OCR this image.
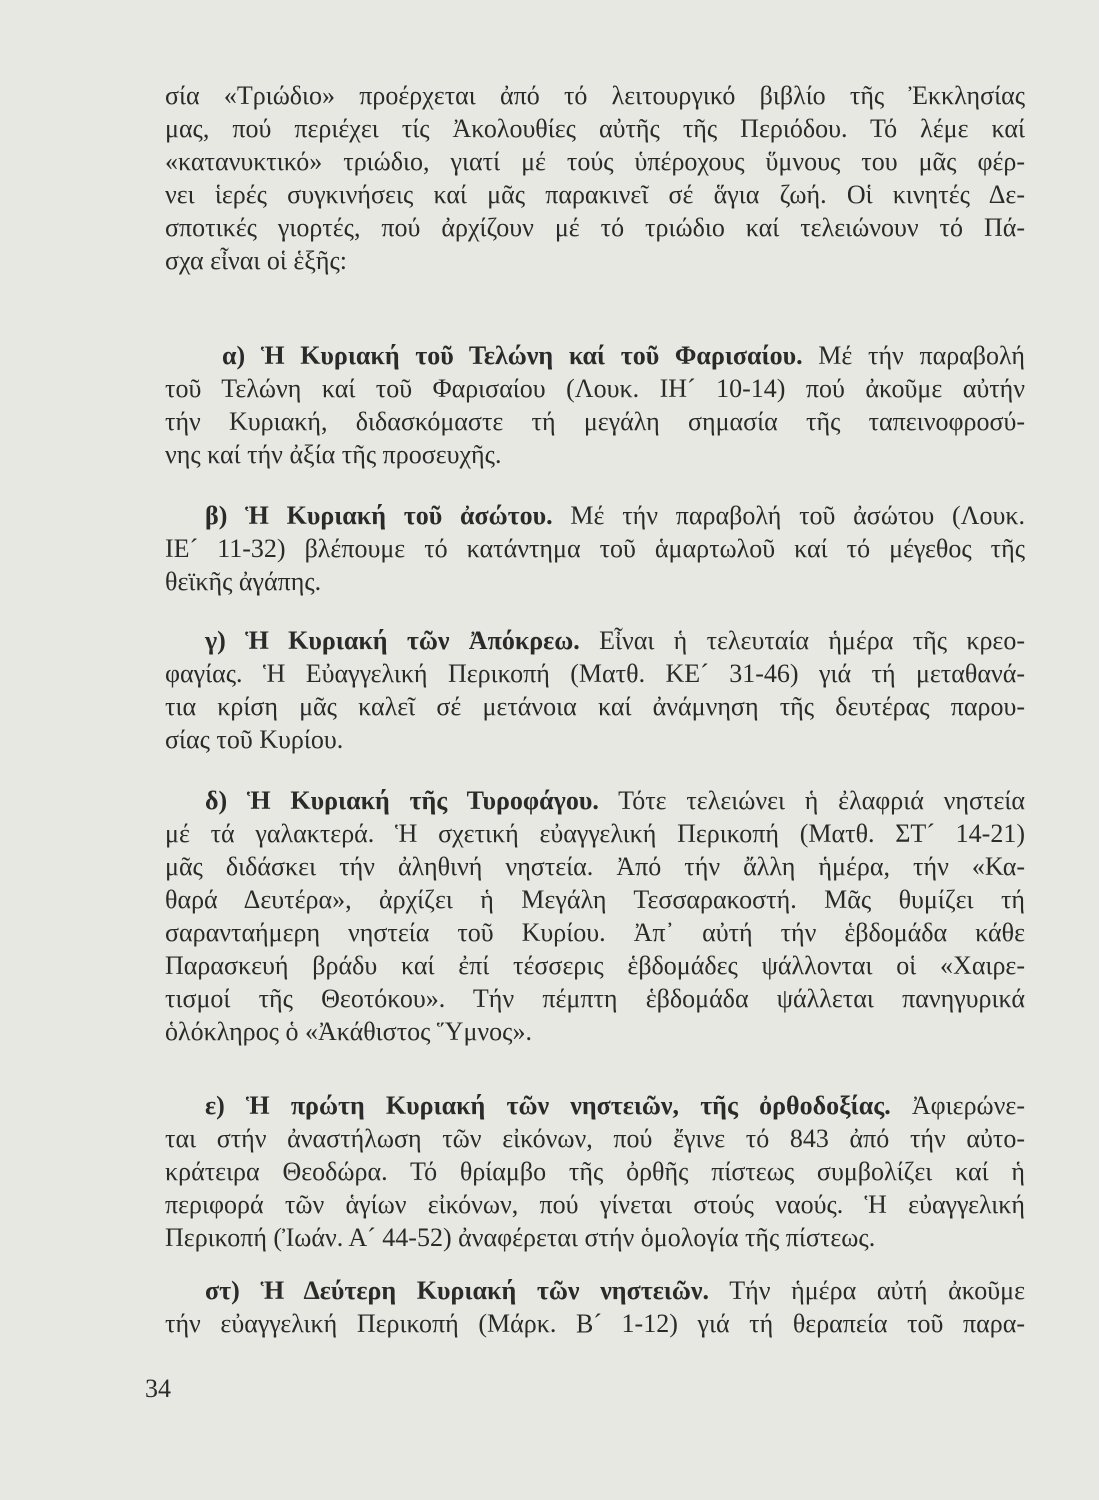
σία «Τριώδιο» προέρχεται ἀπό τό λειτουργικό βιβλίο τῆς Ἐκκλησίας
μας, πού περιέχει τίς Ἀκολουθίες αὐτῆς τῆς Περιόδου. Τό λέμε καί
«κατανυκτικό» τριώδιο, γιατί μέ τούς ὑπέροχους ὕμνους του μᾶς φέρ-
νει ἱερές συγκινήσεις καί μᾶς παρακινεῖ σέ ἅγια ζωή. Οἱ κινητές Δε-
σποτικές γιορτές, πού ἀρχίζουν μέ τό τριώδιο καί τελειώνουν τό Πά-
σχα εἶναι οἱ ἑξῆς:
α) Ἡ Κυριακή τοῦ Τελώνη καί τοῦ Φαρισαίου. Μέ τήν παραβολή
τοῦ Τελώνη καί τοῦ Φαρισαίου (Λουκ. ΙΗ´ 10-14) πού ἀκοῦμε αὐτήν
τήν Κυριακή, διδασκόμαστε τή μεγάλη σημασία τῆς ταπεινοφροσύ-
νης καί τήν ἀξία τῆς προσευχῆς.
β) Ἡ Κυριακή τοῦ ἀσώτου. Μέ τήν παραβολή τοῦ ἀσώτου (Λουκ.
ΙΕ´ 11-32) βλέπουμε τό κατάντημα τοῦ ἁμαρτωλοῦ καί τό μέγεθος τῆς
θεϊκῆς ἀγάπης.
γ) Ἡ Κυριακή τῶν Ἀπόκρεω. Εἶναι ἡ τελευταία ἡμέρα τῆς κρεο-
φαγίας. Ἡ Εὐαγγελική Περικοπή (Ματθ. ΚΕ´ 31-46) γιά τή μεταθανά-
τια κρίση μᾶς καλεῖ σέ μετάνοια καί ἀνάμνηση τῆς δευτέρας παρου-
σίας τοῦ Κυρίου.
δ) Ἡ Κυριακή τῆς Τυροφάγου. Τότε τελειώνει ἡ ἐλαφριά νηστεία
μέ τά γαλακτερά. Ἡ σχετική εὐαγγελική Περικοπή (Ματθ. ΣΤ´ 14-21)
μᾶς διδάσκει τήν ἀληθινή νηστεία. Ἀπό τήν ἄλλη ἡμέρα, τήν «Κα-
θαρά Δευτέρα», ἀρχίζει ἡ Μεγάλη Τεσσαρακοστή. Μᾶς θυμίζει τή
σαρανταήμερη νηστεία τοῦ Κυρίου. Ἀπ᾿ αὐτή τήν ἑβδομάδα κάθε
Παρασκευή βράδυ καί ἐπί τέσσερις ἑβδομάδες ψάλλονται οἱ «Χαιρε-
τισμοί τῆς Θεοτόκου». Τήν πέμπτη ἑβδομάδα ψάλλεται πανηγυρικά
ὁλόκληρος ὁ «Ἀκάθιστος Ὕμνος».
ε) Ἡ πρώτη Κυριακή τῶν νηστειῶν, τῆς ὀρθοδοξίας. Ἀφιερώνε-
ται στήν ἀναστήλωση τῶν εἰκόνων, πού ἔγινε τό 843 ἀπό τήν αὐτο-
κράτειρα Θεοδώρα. Τό θρίαμβο τῆς ὀρθῆς πίστεως συμβολίζει καί ἡ
περιφορά τῶν ἁγίων εἰκόνων, πού γίνεται στούς ναούς. Ἡ εὐαγγελική
Περικοπή (Ἰωάν. Α´ 44-52) ἀναφέρεται στήν ὁμολογία τῆς πίστεως.
στ) Ἡ Δεύτερη Κυριακή τῶν νηστειῶν. Τήν ἡμέρα αὐτή ἀκοῦμε
τήν εὐαγγελική Περικοπή (Μάρκ. Β´ 1-12) γιά τή θεραπεία τοῦ παρα-
34
